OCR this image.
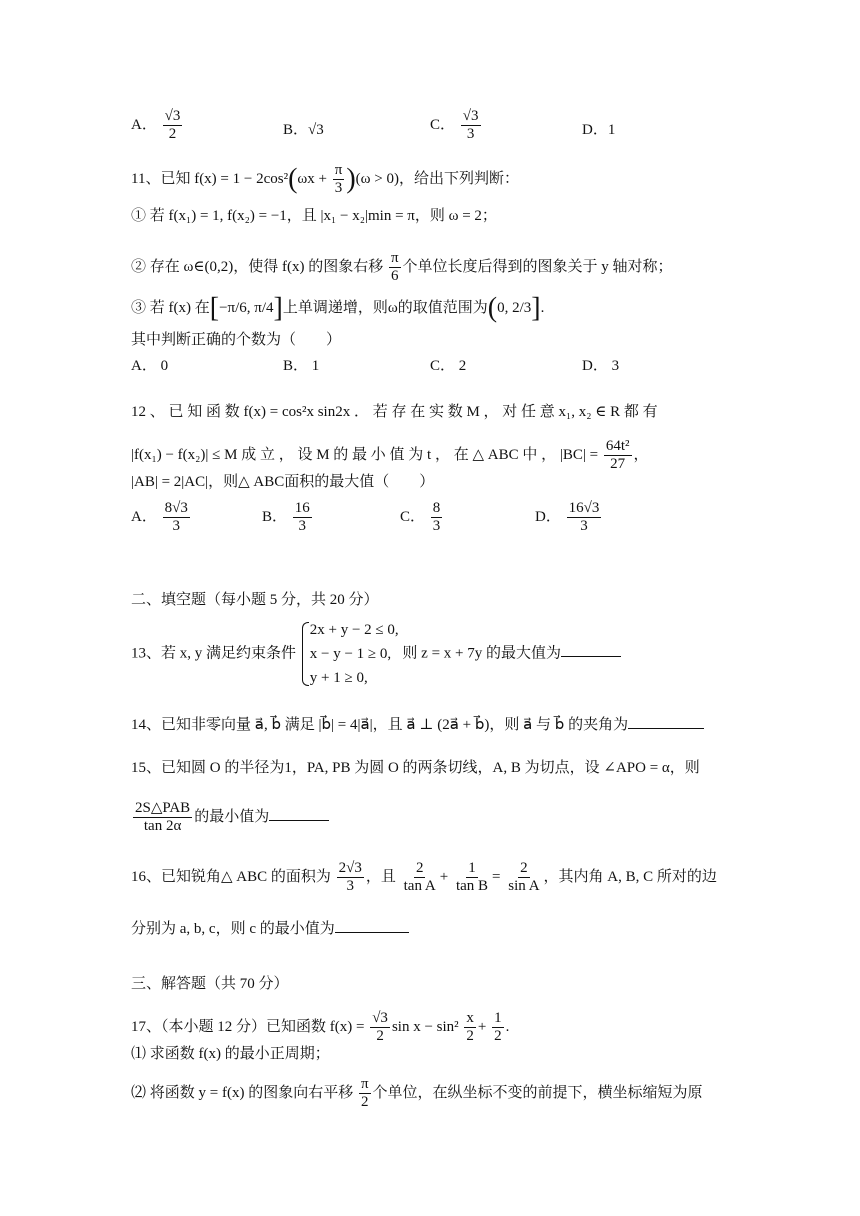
A． $\frac{√3}{2}$	B．√3	C． $\frac{√3}{3}$	D．1
11、已知 $f(x) = 1 - 2\cos^2(\omega x + \frac{\pi}{3} )(\omega > 0)$，给出下列判断：
① 若 f(x₁) = 1, f(x₂) = −1，且 |x₁ − x₂|min = π，则 ω = 2；
② 存在 ω∈(0,2)，使得 f(x) 的图象右移 $\frac{\pi}{6}$ 个单位长度后得到的图象关于 y 轴对称；
③ 若 f(x) 在[−π/6, π/4]上单调递增，则ω的取值范围为(0, 2/3].
其中判断正确的个数为（　　）
A． 0	B． 1	C． 2	D． 3
12 、 已 知 函 数 f(x) = cos²x sin2x ． 若 存 在 实 数 M ， 对 任 意 x₁, x₂ ∈ R 都 有
|f(x₁) − f(x₂)| ≤ M 成 立 ， 设 M 的 最 小 值 为 t ， 在 △ ABC 中 ， $|BC| = \frac{\text{64t²}}{27}$ ，
|AB| = 2|AC|，则△ ABC面积的最大值（　　）
A． $\frac{8√3}{3}$	B． $\frac{16}{3}$	C． $\frac{8}{3}$	D． $\frac{16√3}{3}$
二、填空题（每小题 5 分，共 20 分）
13、若 x, y 满足约束条件
2x + y − 2 ≤ 0,
x − y − 1 ≥ 0,
y + 1 ≥ 0,
则 z = x + 7y 的最大值为
14、已知非零向量 a⃗, b⃗ 满足 |b⃗| = 4|a⃗|，且 a⃗ ⊥ (2a⃗ + b⃗)，则 a⃗ 与 b⃗ 的夹角为
15、已知圆 O 的半径为1，PA, PB 为圆 O 的两条切线，A, B 为切点，设 ∠APO = α，则
$\frac{\text{2S△PAB}}{\tan 2\alpha}$ 的最小值为
16、已知锐角△ ABC 的面积为 $\frac{2√3}{3}$ ，且 $\frac{2}{\text{tan A}} + \frac{1}{\text{tan B}} = \frac{2}{\text{sin A}}$ ，其内角 A, B, C 所对的边
分别为 a, b, c，则 c 的最小值为
三、解答题（共 70 分）
17、（本小题 12 分）已知函数 $f(x) = \frac{√3}{2}$ $\sin x - \sin^2 \frac{x}{2} + \frac{1}{2}$ .
⑴ 求函数 f(x) 的最小正周期；
⑵ 将函数 y = f(x) 的图象向右平移 $\frac{\pi}{2}$ 个单位，在纵坐标不变的前提下，横坐标缩短为原
